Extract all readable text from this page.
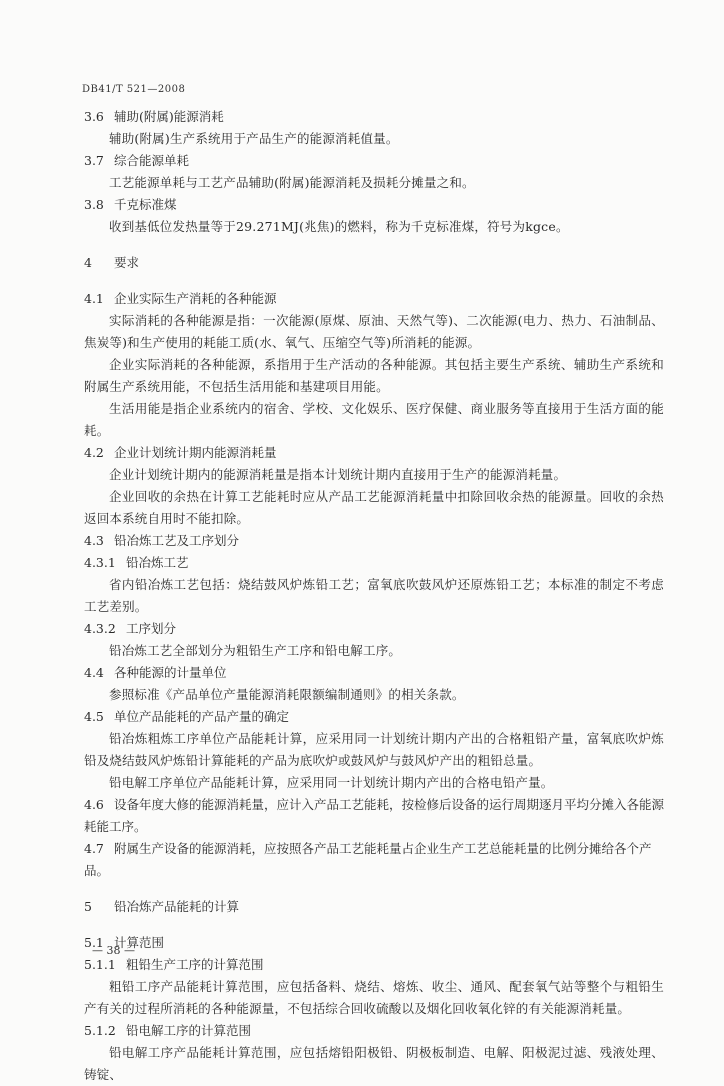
DB41/T 521—2008
3.6 辅助(附属)能源消耗

辅助(附属)生产系统用于产品生产的能源消耗值量。

3.7 综合能源单耗

工艺能源单耗与工艺产品辅助(附属)能源消耗及损耗分摊量之和。

3.8 千克标准煤

收到基低位发热量等于29.271MJ(兆焦)的燃料，称为千克标准煤，符号为kgce。

4 要求
4.1 企业实际生产消耗的各种能源

实际消耗的各种能源是指：一次能源(原煤、原油、天然气等)、二次能源(电力、热力、石油制品、焦炭等)和生产使用的耗能工质(水、氧气、压缩空气等)所消耗的能源。

企业实际消耗的各种能源，系指用于生产活动的各种能源。其包括主要生产系统、辅助生产系统和附属生产系统用能，不包括生活用能和基建项目用能。

生活用能是指企业系统内的宿舍、学校、文化娱乐、医疗保健、商业服务等直接用于生活方面的能耗。

4.2 企业计划统计期内能源消耗量

企业计划统计期内的能源消耗量是指本计划统计期内直接用于生产的能源消耗量。

企业回收的余热在计算工艺能耗时应从产品工艺能源消耗量中扣除回收余热的能源量。回收的余热返回本系统自用时不能扣除。

4.3 铅冶炼工艺及工序划分
4.3.1 铅冶炼工艺

省内铅冶炼工艺包括：烧结鼓风炉炼铅工艺；富氧底吹鼓风炉还原炼铅工艺；本标准的制定不考虑工艺差别。

4.3.2 工序划分

铅冶炼工艺全部划分为粗铅生产工序和铅电解工序。

4.4 各种能源的计量单位

参照标准《产品单位产量能源消耗限额编制通则》的相关条款。

4.5 单位产品能耗的产品产量的确定

铅冶炼粗炼工序单位产品能耗计算，应采用同一计划统计期内产出的合格粗铅产量，富氧底吹炉炼铅及烧结鼓风炉炼铅计算能耗的产品为底吹炉或鼓风炉与鼓风炉产出的粗铅总量。

铅电解工序单位产品能耗计算，应采用同一计划统计期内产出的合格电铅产量。

4.6 设备年度大修的能源消耗量，应计入产品工艺能耗，按检修后设备的运行周期逐月平均分摊入各能源耗能工序。
4.7 附属生产设备的能源消耗，应按照各产品工艺能耗量占企业生产工艺总能耗量的比例分摊给各个产品。
5 铅冶炼产品能耗的计算
5.1 计算范围
5.1.1 粗铅生产工序的计算范围

粗铅工序产品能耗计算范围，应包括备料、烧结、熔炼、收尘、通风、配套氧气站等整个与粗铅生产有关的过程所消耗的各种能源量，不包括综合回收硫酸以及烟化回收氧化锌的有关能源消耗量。

5.1.2 铅电解工序的计算范围

铅电解工序产品能耗计算范围，应包括熔铅阳极铅、阴极板制造、电解、阳极泥过滤、残液处理、铸锭、

— 38 —
